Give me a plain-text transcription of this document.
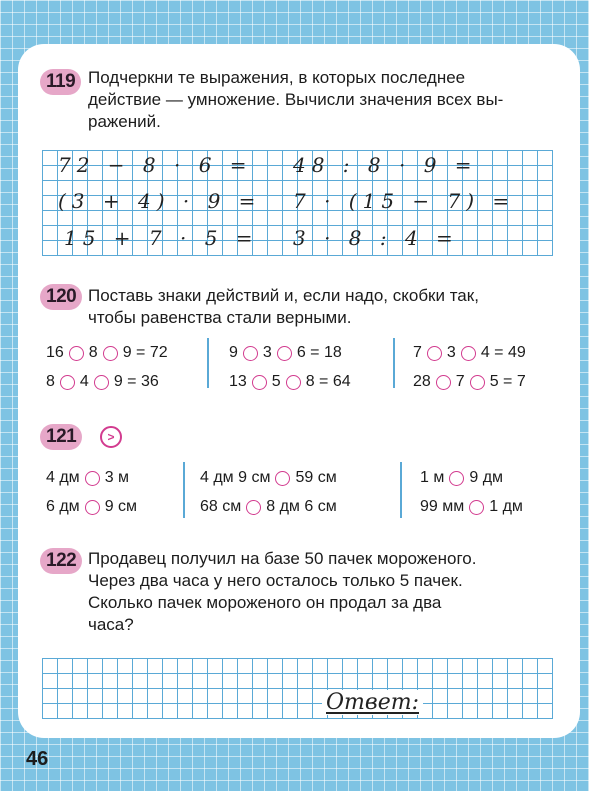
119 Подчеркни те выражения, в которых последнее
действие — умножение. Вычисли значения всех вы-
ражений.
72 − 8 · 6 = 48 : 8 · 9 =
(3 + 4) · 9 = 7 · (15 − 7) =
15 + 7 · 5 = 3 · 8 : 4 =
120 Поставь знаки действий и, если надо, скобки так,
чтобы равенства стали верными.
16 8 9 = 72	9 3 6 = 18	7 3 4 = 49
8 4 9 = 36	13 5 8 = 64	28 7 5 = 7
121	>

4 дм 3 м	4 дм 9 см 59 см	1 м 9 дм
6 дм 9 см	68 см 8 дм 6 см	99 мм 1 дм
122 Продавец получил на базе 50 пачек мороженого.
Через два часа у него осталось только 5 пачек.
Сколько пачек мороженого он продал за два
часа?
Ответ:
46
